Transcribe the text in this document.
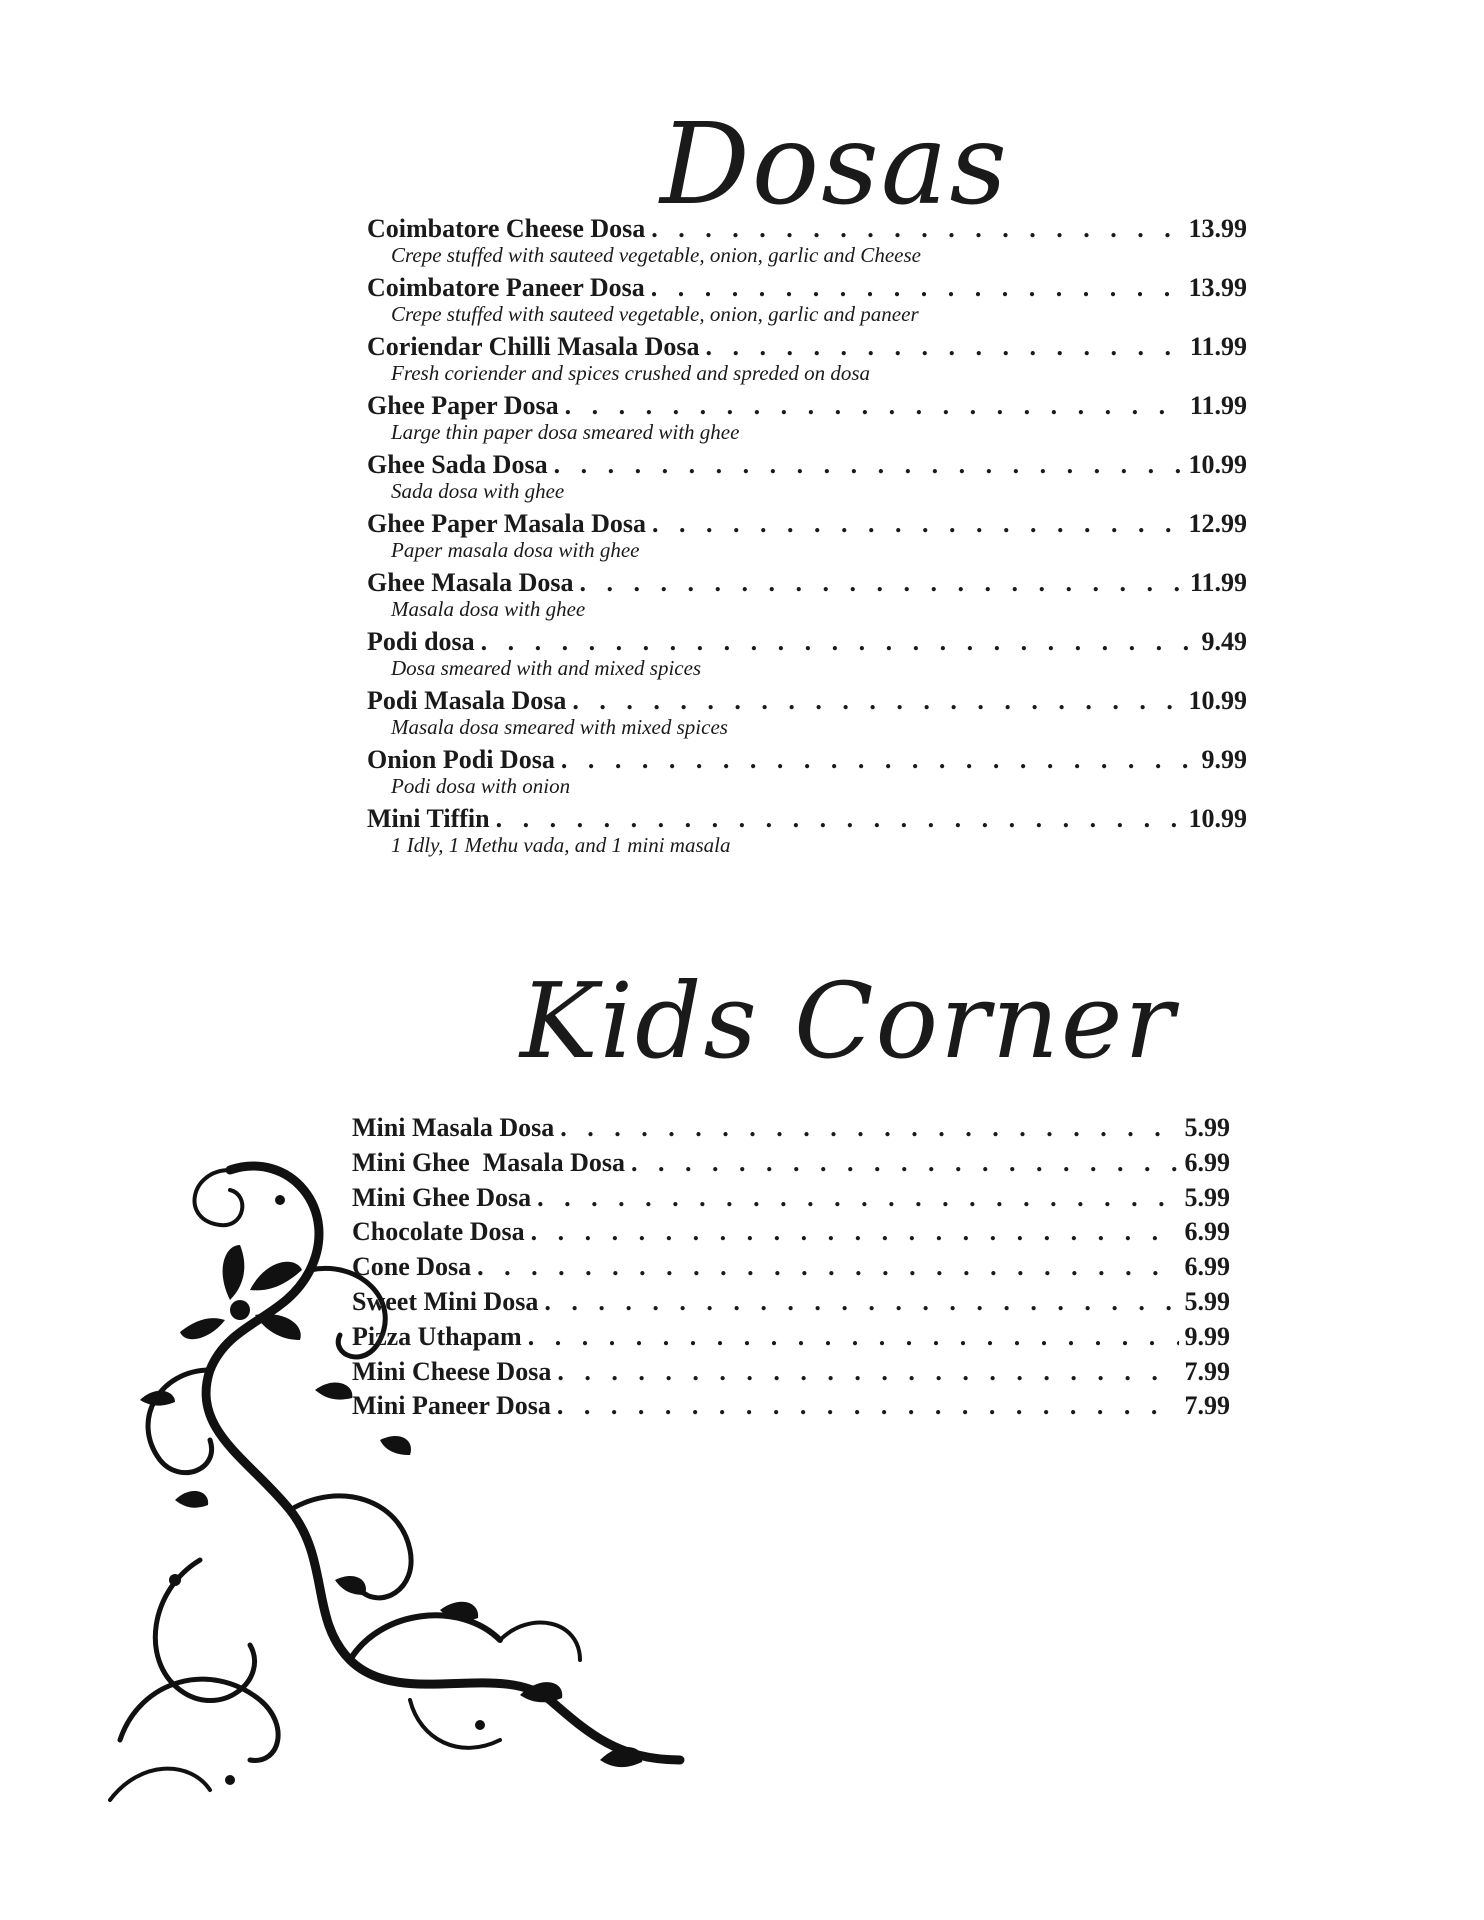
Dosas
Coimbatore Cheese Dosa . . .	13.99
Crepe stuffed with sauteed vegetable, onion, garlic and Cheese
Coimbatore Paneer Dosa . . .	13.99
Crepe stuffed with sauteed vegetable, onion, garlic and paneer
Coriendar Chilli Masala Dosa . . .	11.99
Fresh coriender and spices crushed and spreded on dosa
Ghee Paper Dosa . . .	11.99
Large thin paper dosa smeared with ghee
Ghee Sada Dosa . . .	10.99
Sada dosa with ghee
Ghee Paper Masala Dosa . . .	12.99
Paper masala dosa with ghee
Ghee Masala Dosa . . .	11.99
Masala dosa with ghee
Podi dosa . . .	9.49
Dosa smeared with and mixed spices
Podi Masala Dosa . . .	10.99
Masala dosa smeared with mixed spices
Onion Podi Dosa . . .	9.99
Podi dosa with onion
Mini Tiffin . . .	10.99
1 Idly, 1 Methu vada, and 1 mini masala
Kids Corner
Mini Masala Dosa . . .	5.99
Mini Ghee  Masala Dosa . . .	6.99
Mini Ghee Dosa . . .	5.99
Chocolate Dosa . . .	6.99
Cone Dosa . . .	6.99
Sweet Mini Dosa . . .	5.99
Pizza Uthapam . . .	9.99
Mini Cheese Dosa . . .	7.99
Mini Paneer Dosa . . .	7.99
